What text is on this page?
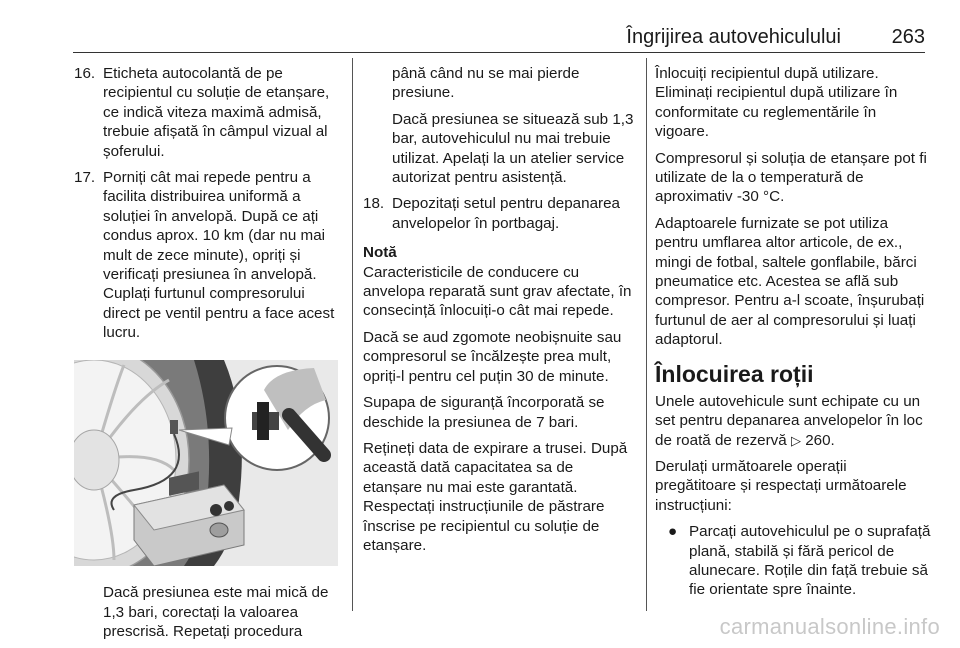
Îngrijirea autovehiculului	263
16. Eticheta autocolantă de pe recipientul cu soluție de etanșare, ce indică viteza maximă admisă, trebuie afișată în câmpul vizual al șoferului.
17. Porniți cât mai repede pentru a facilita distribuirea uniformă a soluției în anvelopă. După ce ați condus aprox. 10 km (dar nu mai mult de zece minute), opriți și verificați presiunea în anvelopă. Cuplați furtunul compresorului direct pe ventil pentru a face acest lucru.
Dacă presiunea este mai mică de 1,3 bari, corectați la valoarea prescrisă. Repetați procedura
până când nu se mai pierde presiune.
Dacă presiunea se situează sub 1,3 bar, autovehiculul nu mai trebuie utilizat. Apelați la un atelier service autorizat pentru asistență.
18. Depozitați setul pentru depanarea anvelopelor în portbagaj.
Notă
Caracteristicile de conducere cu anvelopa reparată sunt grav afectate, în consecință înlocuiți-o cât mai repede.
Dacă se aud zgomote neobișnuite sau compresorul se încălzește prea mult, opriți-l pentru cel puțin 30 de minute.
Supapa de siguranță încorporată se deschide la presiunea de 7 bari.
Rețineți data de expirare a trusei. După această dată capacitatea sa de etanșare nu mai este garantată. Respectați instrucțiunile de păstrare înscrise pe recipientul cu soluție de etanșare.
Înlocuiți recipientul după utilizare. Eliminați recipientul după utilizare în conformitate cu reglementările în vigoare.
Compresorul și soluția de etanșare pot fi utilizate de la o temperatură de aproximativ -30 °C.
Adaptoarele furnizate se pot utiliza pentru umflarea altor articole, de ex., mingi de fotbal, saltele gonflabile, bărci pneumatice etc. Acestea se află sub compresor. Pentru a-l scoate, înșurubați furtunul de aer al compresorului și luați adaptorul.
Înlocuirea roții
Unele autovehicule sunt echipate cu un set pentru depanarea anvelopelor în loc de roată de rezervă ▷ 260.
Derulați următoarele operații pregătitoare și respectați următoarele instrucțiuni:
● Parcați autovehiculul pe o suprafață plană, stabilă și fără pericol de alunecare. Roțile din față trebuie să fie orientate spre înainte.
carmanualsonline.info
